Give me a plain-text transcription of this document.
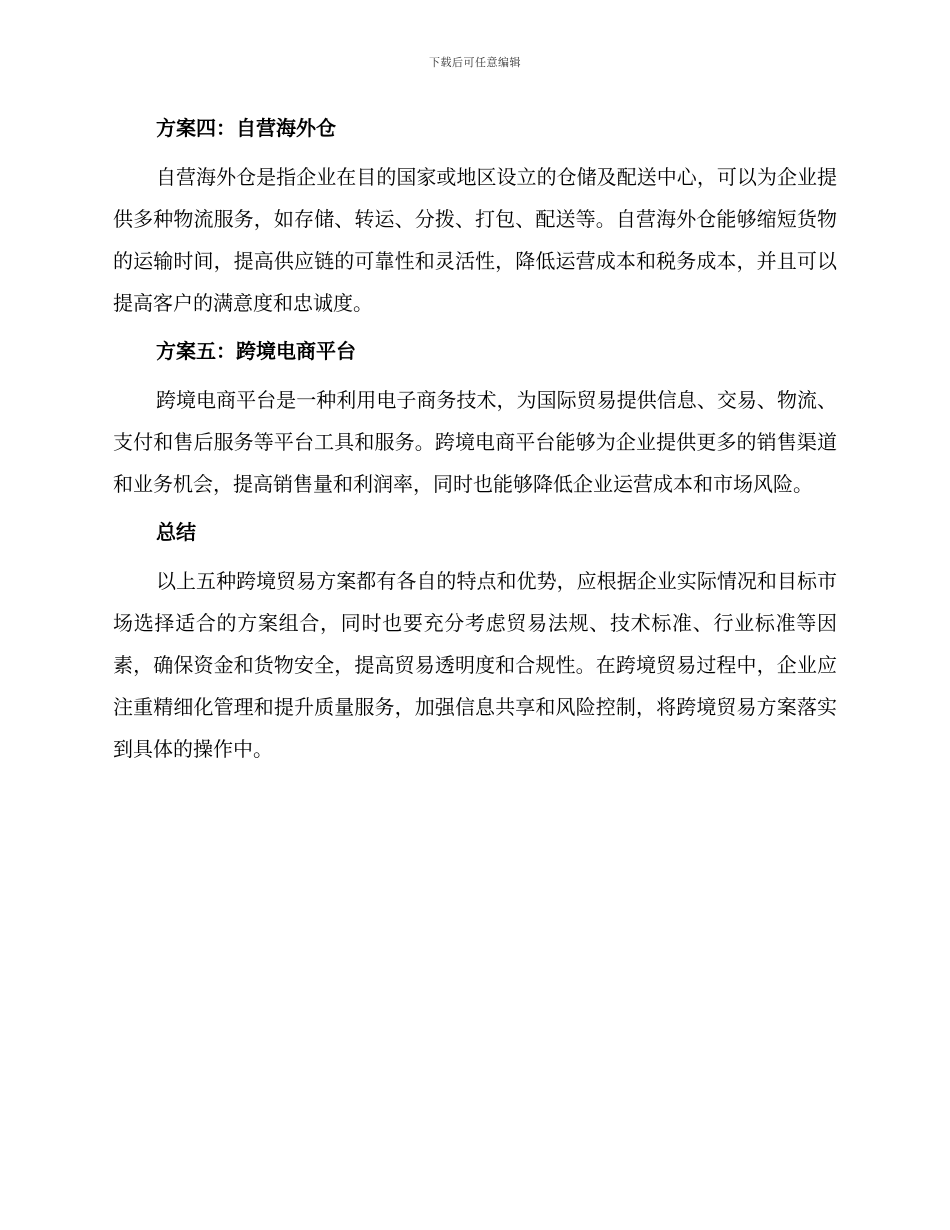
下载后可任意编辑
方案四：自营海外仓

自营海外仓是指企业在目的国家或地区设立的仓储及配送中心，可以为企业提供多种物流服务，如存储、转运、分拨、打包、配送等。自营海外仓能够缩短货物的运输时间，提高供应链的可靠性和灵活性，降低运营成本和税务成本，并且可以提高客户的满意度和忠诚度。

方案五：跨境电商平台

跨境电商平台是一种利用电子商务技术，为国际贸易提供信息、交易、物流、支付和售后服务等平台工具和服务。跨境电商平台能够为企业提供更多的销售渠道和业务机会，提高销售量和利润率，同时也能够降低企业运营成本和市场风险。

总结

以上五种跨境贸易方案都有各自的特点和优势，应根据企业实际情况和目标市场选择适合的方案组合，同时也要充分考虑贸易法规、技术标准、行业标准等因素，确保资金和货物安全，提高贸易透明度和合规性。在跨境贸易过程中，企业应注重精细化管理和提升质量服务，加强信息共享和风险控制，将跨境贸易方案落实到具体的操作中。
